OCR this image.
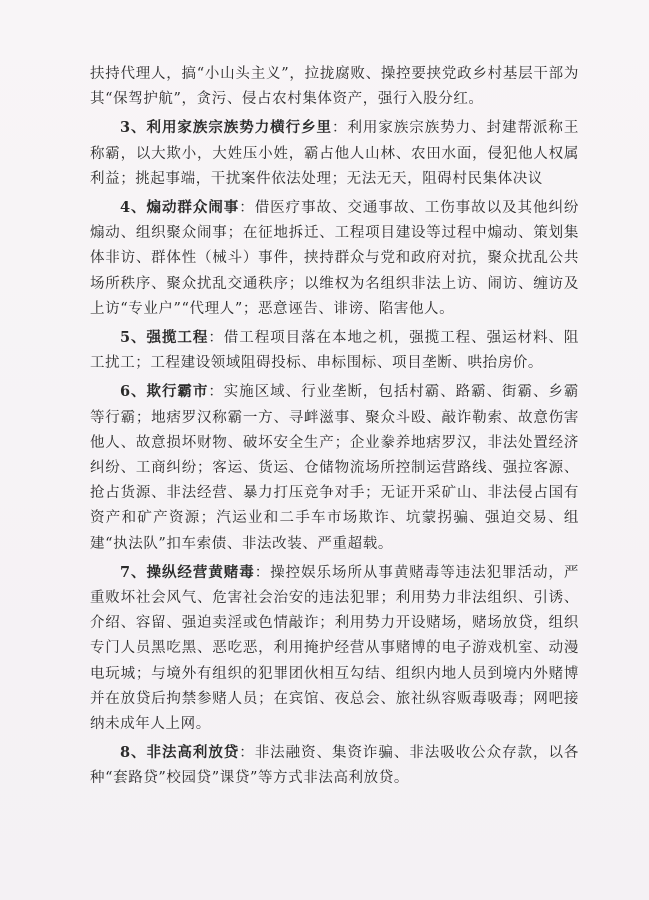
扶持代理人，搞“小山头主义”，拉拢腐败、操控要挟党政乡村基层干部为其“保驾护航”，贪污、侵占农村集体资产，强行入股分红。

3、利用家族宗族势力横行乡里：利用家族宗族势力、封建帮派称王称霸，以大欺小，大姓压小姓，霸占他人山林、农田水面，侵犯他人权属利益；挑起事端，干扰案件依法处理；无法无天，阻碍村民集体决议

4、煽动群众闹事：借医疗事故、交通事故、工伤事故以及其他纠纷煽动、组织聚众闹事；在征地拆迁、工程项目建设等过程中煽动、策划集体非访、群体性（械斗）事件，挟持群众与党和政府对抗，聚众扰乱公共场所秩序、聚众扰乱交通秩序；以维权为名组织非法上访、闹访、缠访及上访“专业户”“代理人”；恶意诬告、诽谤、陷害他人。

5、强揽工程：借工程项目落在本地之机，强揽工程、强运材料、阻工扰工；工程建设领域阻碍投标、串标围标、项目垄断、哄抬房价。

6、欺行霸市：实施区域、行业垄断，包括村霸、路霸、街霸、乡霸等行霸；地痞罗汉称霸一方、寻衅滋事、聚众斗殴、敲诈勒索、故意伤害他人、故意损坏财物、破坏安全生产；企业豢养地痞罗汉，非法处置经济纠纷、工商纠纷；客运、货运、仓储物流场所控制运营路线、强拉客源、抢占货源、非法经营、暴力打压竞争对手；无证开采矿山、非法侵占国有资产和矿产资源；汽运业和二手车市场欺诈、坑蒙拐骗、强迫交易、组建“执法队”扣车索债、非法改装、严重超载。

7、操纵经营黄赌毒：操控娱乐场所从事黄赌毒等违法犯罪活动，严重败坏社会风气、危害社会治安的违法犯罪；利用势力非法组织、引诱、介绍、容留、强迫卖淫或色情敲诈；利用势力开设赌场，赌场放贷，组织专门人员黑吃黑、恶吃恶，利用掩护经营从事赌博的电子游戏机室、动漫电玩城；与境外有组织的犯罪团伙相互勾结、组织内地人员到境内外赌博并在放贷后拘禁参赌人员；在宾馆、夜总会、旅社纵容贩毒吸毒；网吧接纳未成年人上网。

8、非法高利放贷：非法融资、集资诈骗、非法吸收公众存款，以各种“套路贷”校园贷”课贷”等方式非法高利放贷。
